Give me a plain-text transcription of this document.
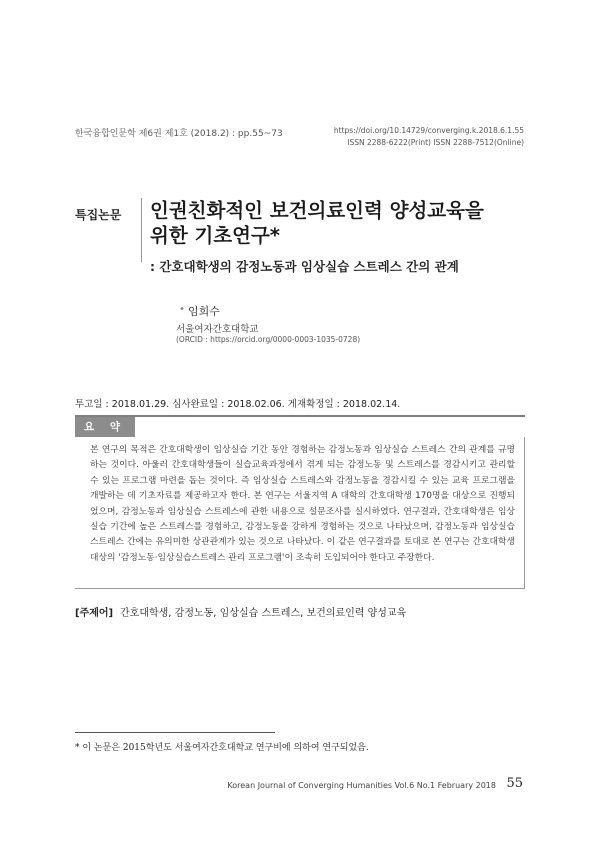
한국융합인문학 제6권 제1호 (2018.2) : pp.55~73	https://doi.org/10.14729/converging.k.2018.6.1.55
ISSN 2288-6222(Print) ISSN 2288-7512(Online)
특집논문 인권친화적인 보건의료인력 양성교육을
위한 기초연구*
: 간호대학생의 감정노동과 임상실습 스트레스 간의 관계
• 임희수
서울여자간호대학교
(ORCID : https://orcid.org/0000-0003-1035-0728)
투고일 : 2018.01.29. 심사완료일 : 2018.02.06. 게재확정일 : 2018.02.14.
요 약
본 연구의 목적은 간호대학생이 임상실습 기간 동안 경험하는 감정노동과 임상실습 스트레스 간의 관계를 규명하는 것이다. 아울러 간호대학생들이 실습교육과정에서 겪게 되는 감정노동 및 스트레스를 경감시키고 관리할 수 있는 프로그램 마련을 돕는 것이다. 즉 임상실습 스트레스와 감정노동을 경감시킬 수 있는 교육 프로그램을 개발하는 데 기초자료를 제공하고자 한다. 본 연구는 서울지역 A 대학의 간호대학생 170명을 대상으로 진행되었으며, 감정노동과 임상실습 스트레스에 관한 내용으로 설문조사를 실시하였다. 연구결과, 간호대학생은 임상실습 기간에 높은 스트레스를 경험하고, 감정노동을 강하게 경험하는 것으로 나타났으며, 감정노동과 임상실습 스트레스 간에는 유의미한 상관관계가 있는 것으로 나타났다. 이 같은 연구결과를 토대로 본 연구는 간호대학생 대상의 '감정노동·임상실습스트레스 관리 프로그램'이 조속히 도입되어야 한다고 주장한다.
[주제어] 간호대학생, 감정노동, 임상실습 스트레스, 보건의료인력 양성교육
* 이 논문은 2015학년도 서울여자간호대학교 연구비에 의하여 연구되었음.
Korean Journal of Converging Humanities Vol.6 No.1 February 2018 55
